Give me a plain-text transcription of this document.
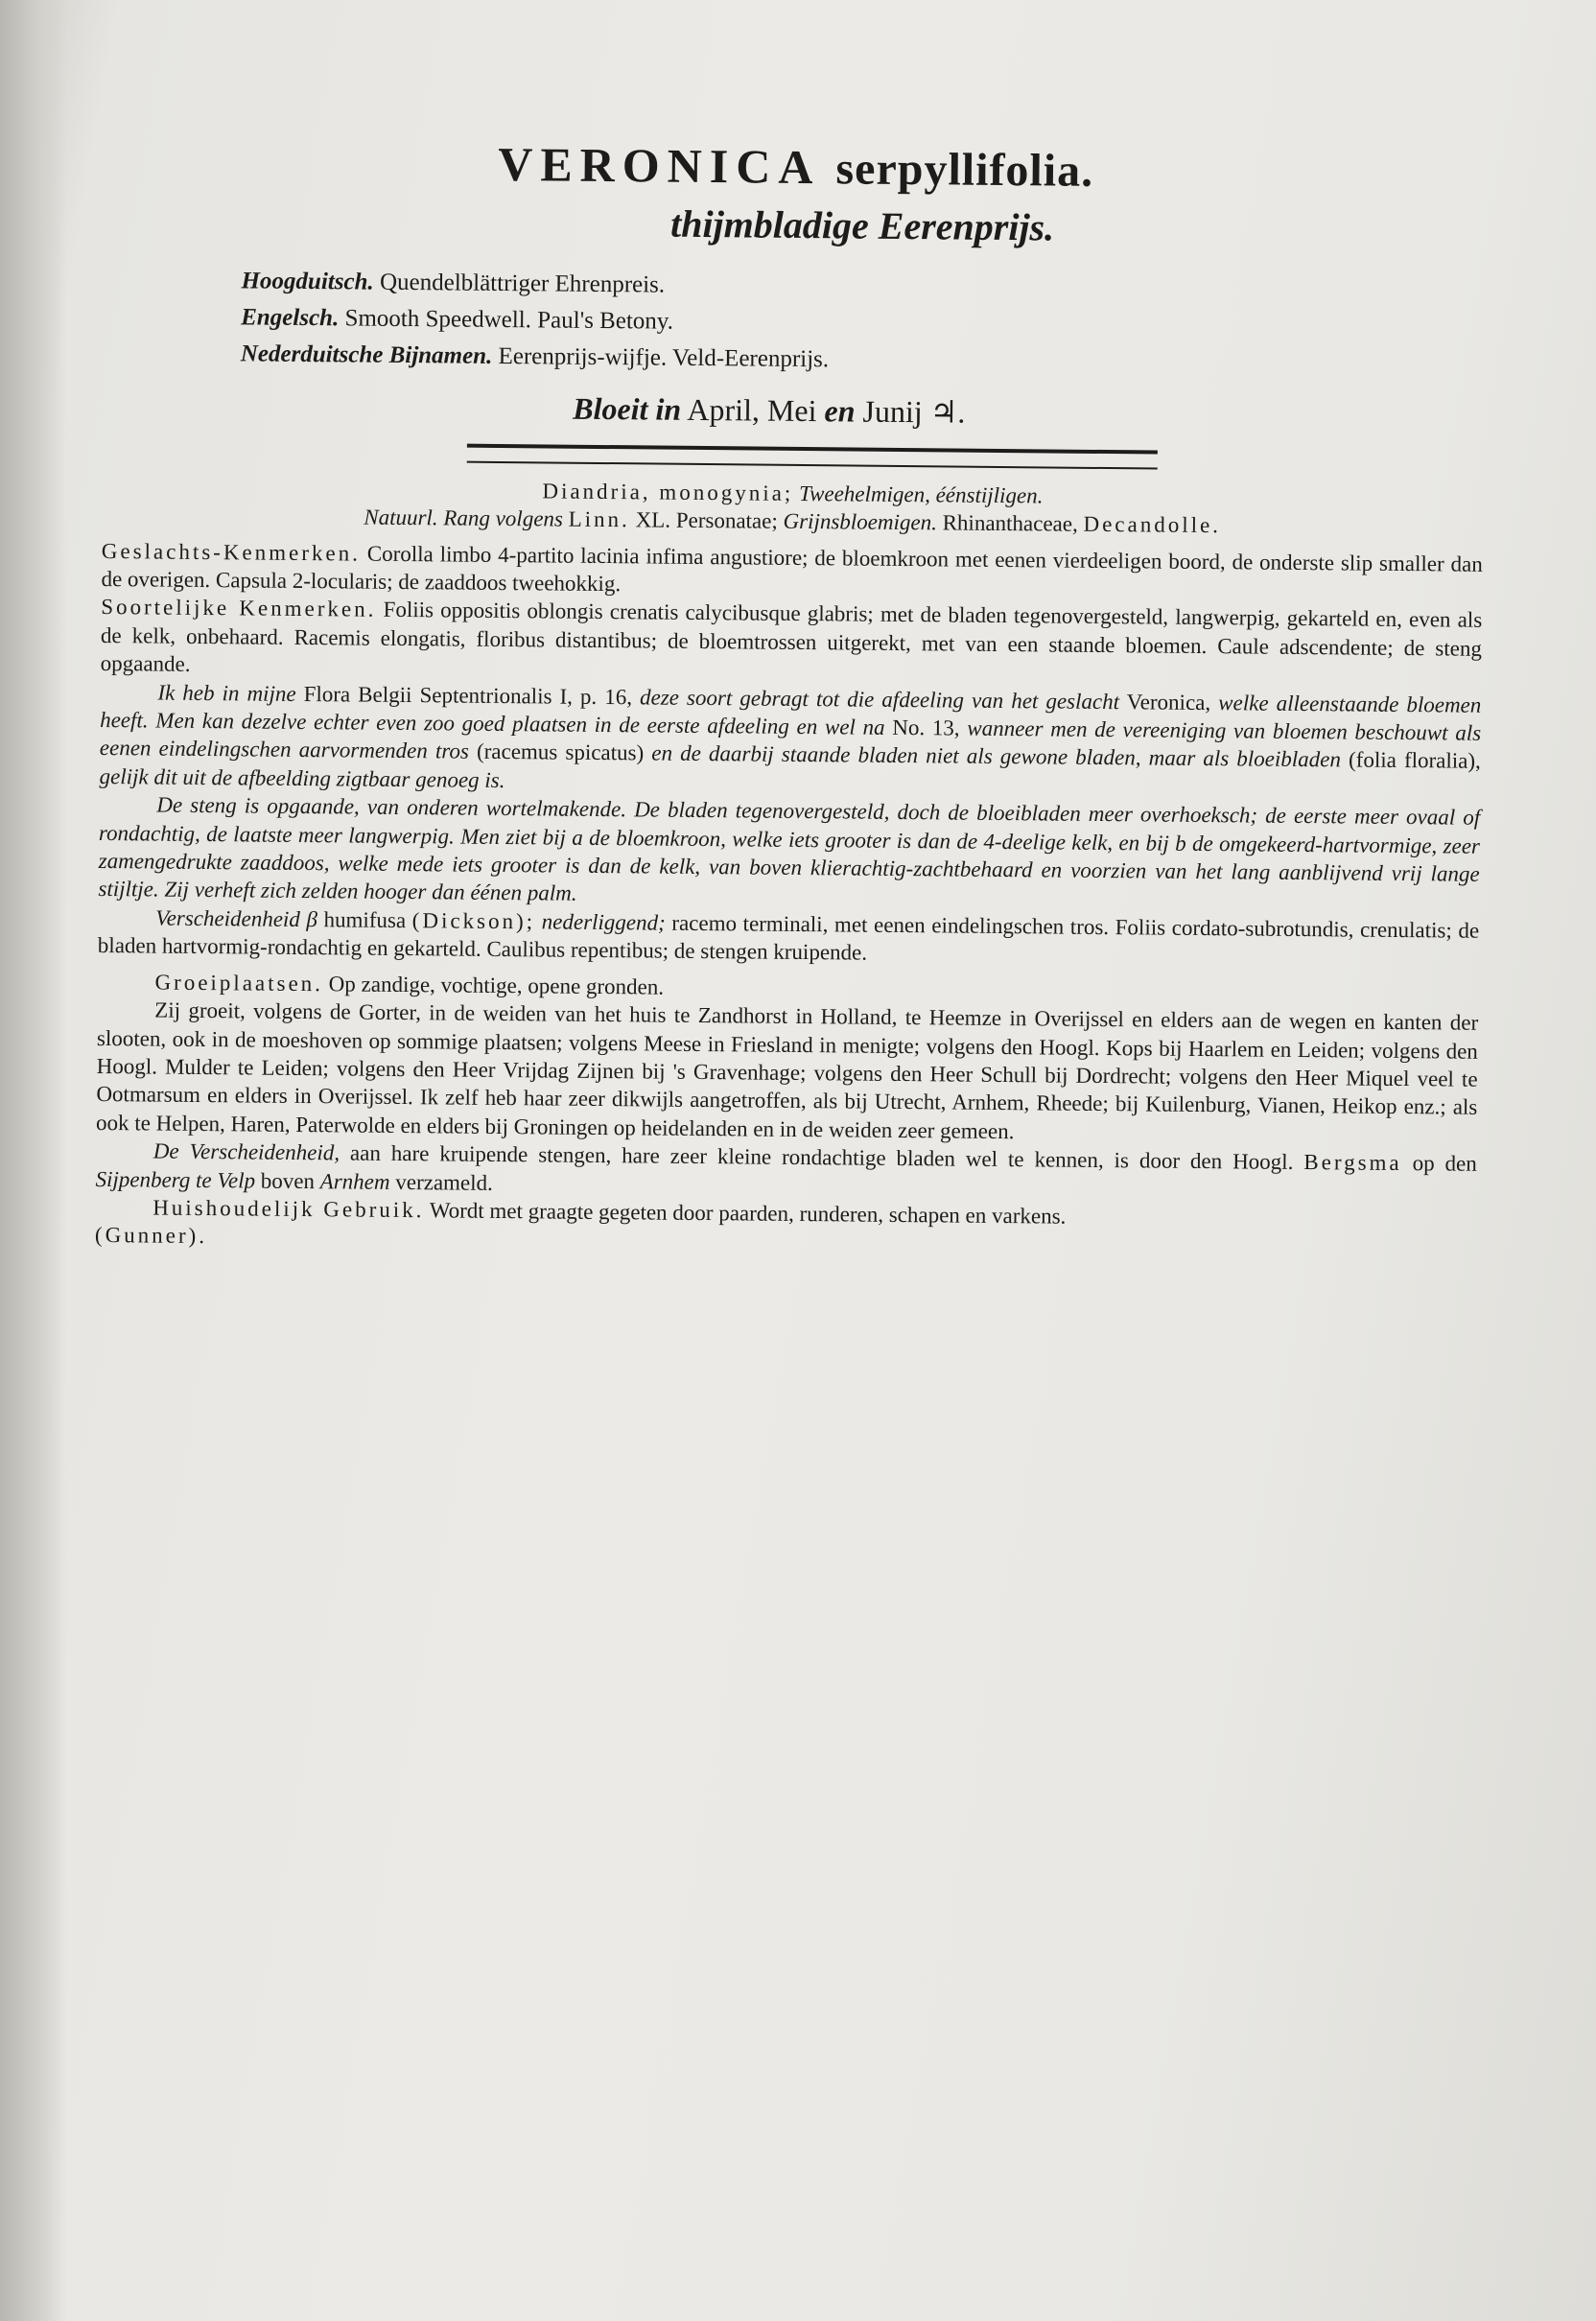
VERONICA serpyllifolia.
thijmbladige Eerenprijs.
Hoogduitsch. Quendelblättriger Ehrenpreis.
Engelsch. Smooth Speedwell. Paul's Betony.
Nederduitsche Bijnamen. Eerenprijs-wijfje. Veld-Eerenprijs.
Bloeit in April, Mei en Junij ♃.

Diandria, monogynia; Tweehelmigen, éénstijligen.

Natuurl. Rang volgens Linn. XL. Personatae; Grijnsbloemigen. Rhinanthaceae, Decandolle.

Geslachts-Kenmerken. Corolla limbo 4-partito lacinia infima angustiore; de bloemkroon met eenen vierdeeligen boord, de onderste slip smaller dan de overigen. Capsula 2-locularis; de zaaddoos tweehokkig.

Soortelijke Kenmerken. Foliis oppositis oblongis crenatis calycibusque glabris; met de bladen tegenovergesteld, langwerpig, gekarteld en, even als de kelk, onbehaard. Racemis elongatis, floribus distantibus; de bloemtrossen uitgerekt, met van een staande bloemen. Caule adscendente; de steng opgaande.

Ik heb in mijne Flora Belgii Septentrionalis I, p. 16, deze soort gebragt tot die afdeeling van het geslacht Veronica, welke alleenstaande bloemen heeft. Men kan dezelve echter even zoo goed plaatsen in de eerste afdeeling en wel na No. 13, wanneer men de vereeniging van bloemen beschouwt als eenen eindelingschen aarvormenden tros (racemus spicatus) en de daarbij staande bladen niet als gewone bladen, maar als bloeibladen (folia floralia), gelijk dit uit de afbeelding zigtbaar genoeg is.

De steng is opgaande, van onderen wortelmakende. De bladen tegenovergesteld, doch de bloeibladen meer overhoeksch; de eerste meer ovaal of rondachtig, de laatste meer langwerpig. Men ziet bij a de bloemkroon, welke iets grooter is dan de 4-deelige kelk, en bij b de omgekeerd-hartvormige, zeer zamengedrukte zaaddoos, welke mede iets grooter is dan de kelk, van boven klierachtig-zachtbehaard en voorzien van het lang aanblijvend vrij lange stijltje. Zij verheft zich zelden hooger dan éénen palm.

Verscheidenheid β humifusa (Dickson); nederliggend; racemo terminali, met eenen eindelingschen tros. Foliis cordato-subrotundis, crenulatis; de bladen hartvormig-rondachtig en gekarteld. Caulibus repentibus; de stengen kruipende.

Groeiplaatsen. Op zandige, vochtige, opene gronden.

Zij groeit, volgens de Gorter, in de weiden van het huis te Zandhorst in Holland, te Heemze in Overijssel en elders aan de wegen en kanten der slooten, ook in de moeshoven op sommige plaatsen; volgens Meese in Friesland in menigte; volgens den Hoogl. Kops bij Haarlem en Leiden; volgens den Hoogl. Mulder te Leiden; volgens den Heer Vrijdag Zijnen bij 's Gravenhage; volgens den Heer Schull bij Dordrecht; volgens den Heer Miquel veel te Ootmarsum en elders in Overijssel. Ik zelf heb haar zeer dikwijls aangetroffen, als bij Utrecht, Arnhem, Rheede; bij Kuilenburg, Vianen, Heikop enz.; als ook te Helpen, Haren, Paterwolde en elders bij Groningen op heidelanden en in de weiden zeer gemeen.

De Verscheidenheid, aan hare kruipende stengen, hare zeer kleine rondachtige bladen wel te kennen, is door den Hoogl. Bergsma op den Sijpenberg te Velp boven Arnhem verzameld.

Huishoudelijk Gebruik. Wordt met graagte gegeten door paarden, runderen, schapen en varkens.

(Gunner).
